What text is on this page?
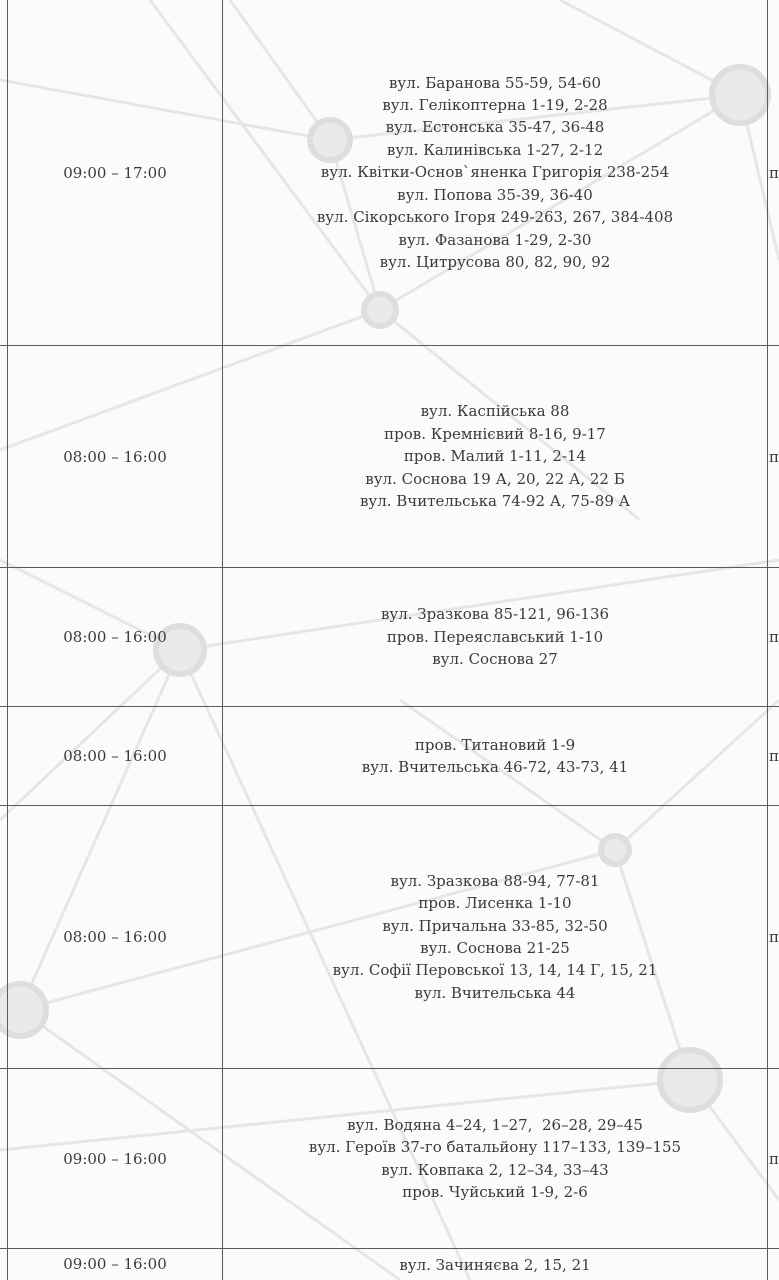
09:00 – 17:00
вул. Баранова 55-59, 54-60
вул. Гелікоптерна 1-19, 2-28
вул. Естонська 35-47, 36-48
вул. Калинівська 1-27, 2-12
вул. Квітки-Основ`яненка Григорія 238-254
вул. Попова 35-39, 36-40
вул. Сікорського Ігоря 249-263, 267, 384-408
вул. Фазанова 1-29, 2-30
вул. Цитрусова 80, 82, 90, 92
п
08:00 – 16:00
вул. Каспійська 88
пров. Кремнієвий 8-16, 9-17
пров. Малий 1-11, 2-14
вул. Соснова 19 А, 20, 22 А, 22 Б
вул. Вчительська 74-92 А, 75-89 А
п
08:00 – 16:00
вул. Зразкова 85-121, 96-136
пров. Переяславський 1-10
вул. Соснова 27
п
08:00 – 16:00
пров. Титановий 1-9
вул. Вчительська 46-72, 43-73, 41
п
08:00 – 16:00
вул. Зразкова 88-94, 77-81
пров. Лисенка 1-10
вул. Причальна 33-85, 32-50
вул. Соснова 21-25
вул. Софії Перовської 13, 14, 14 Г, 15, 21
вул. Вчительська 44
п
09:00 – 16:00
вул. Водяна 4–24, 1–27,  26–28, 29–45
вул. Героїв 37-го батальйону 117–133, 139–155
вул. Ковпака 2, 12–34, 33–43
пров. Чуйський 1-9, 2-6
п
09:00 – 16:00	вул. Зачиняєва 2, 15, 21
